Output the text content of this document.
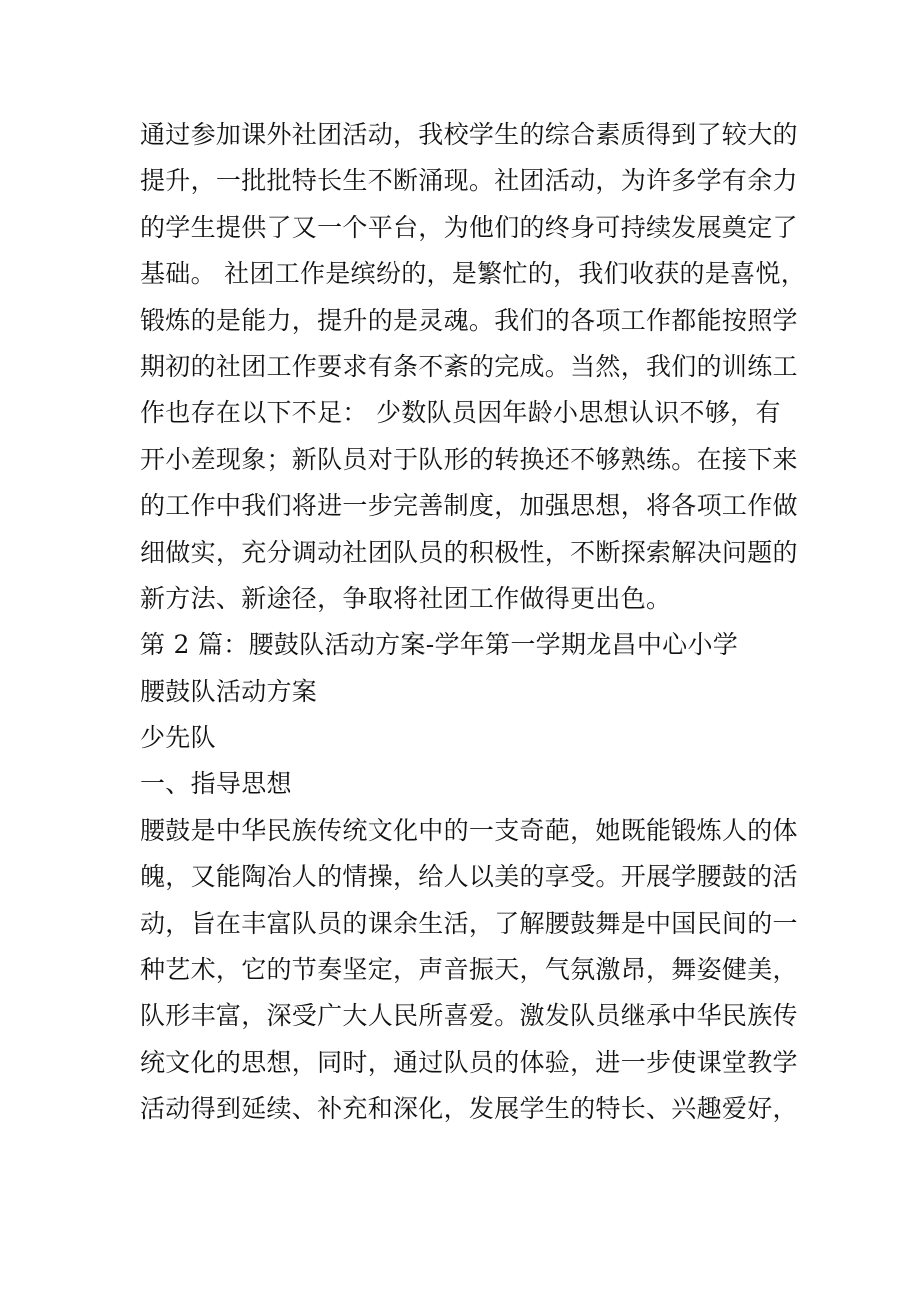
通过参加课外社团活动，我校学生的综合素质得到了较大的
提升，一批批特长生不断涌现。社团活动，为许多学有余力
的学生提供了又一个平台，为他们的终身可持续发展奠定了
基础。 社团工作是缤纷的，是繁忙的，我们收获的是喜悦，
锻炼的是能力，提升的是灵魂。我们的各项工作都能按照学
期初的社团工作要求有条不紊的完成。当然，我们的训练工
作也存在以下不足： 少数队员因年龄小思想认识不够，有
开小差现象；新队员对于队形的转换还不够熟练。在接下来
的工作中我们将进一步完善制度，加强思想，将各项工作做
细做实，充分调动社团队员的积极性，不断探索解决问题的
新方法、新途径，争取将社团工作做得更出色。
第 2 篇：腰鼓队活动方案-学年第一学期龙昌中心小学
腰鼓队活动方案
少先队
一、指导思想
腰鼓是中华民族传统文化中的一支奇葩，她既能锻炼人的体
魄，又能陶冶人的情操，给人以美的享受。开展学腰鼓的活
动，旨在丰富队员的课余生活，了解腰鼓舞是中国民间的一
种艺术，它的节奏坚定，声音振天，气氛激昂，舞姿健美，
队形丰富，深受广大人民所喜爱。激发队员继承中华民族传
统文化的思想，同时，通过队员的体验，进一步使课堂教学
活动得到延续、补充和深化，发展学生的特长、兴趣爱好，
